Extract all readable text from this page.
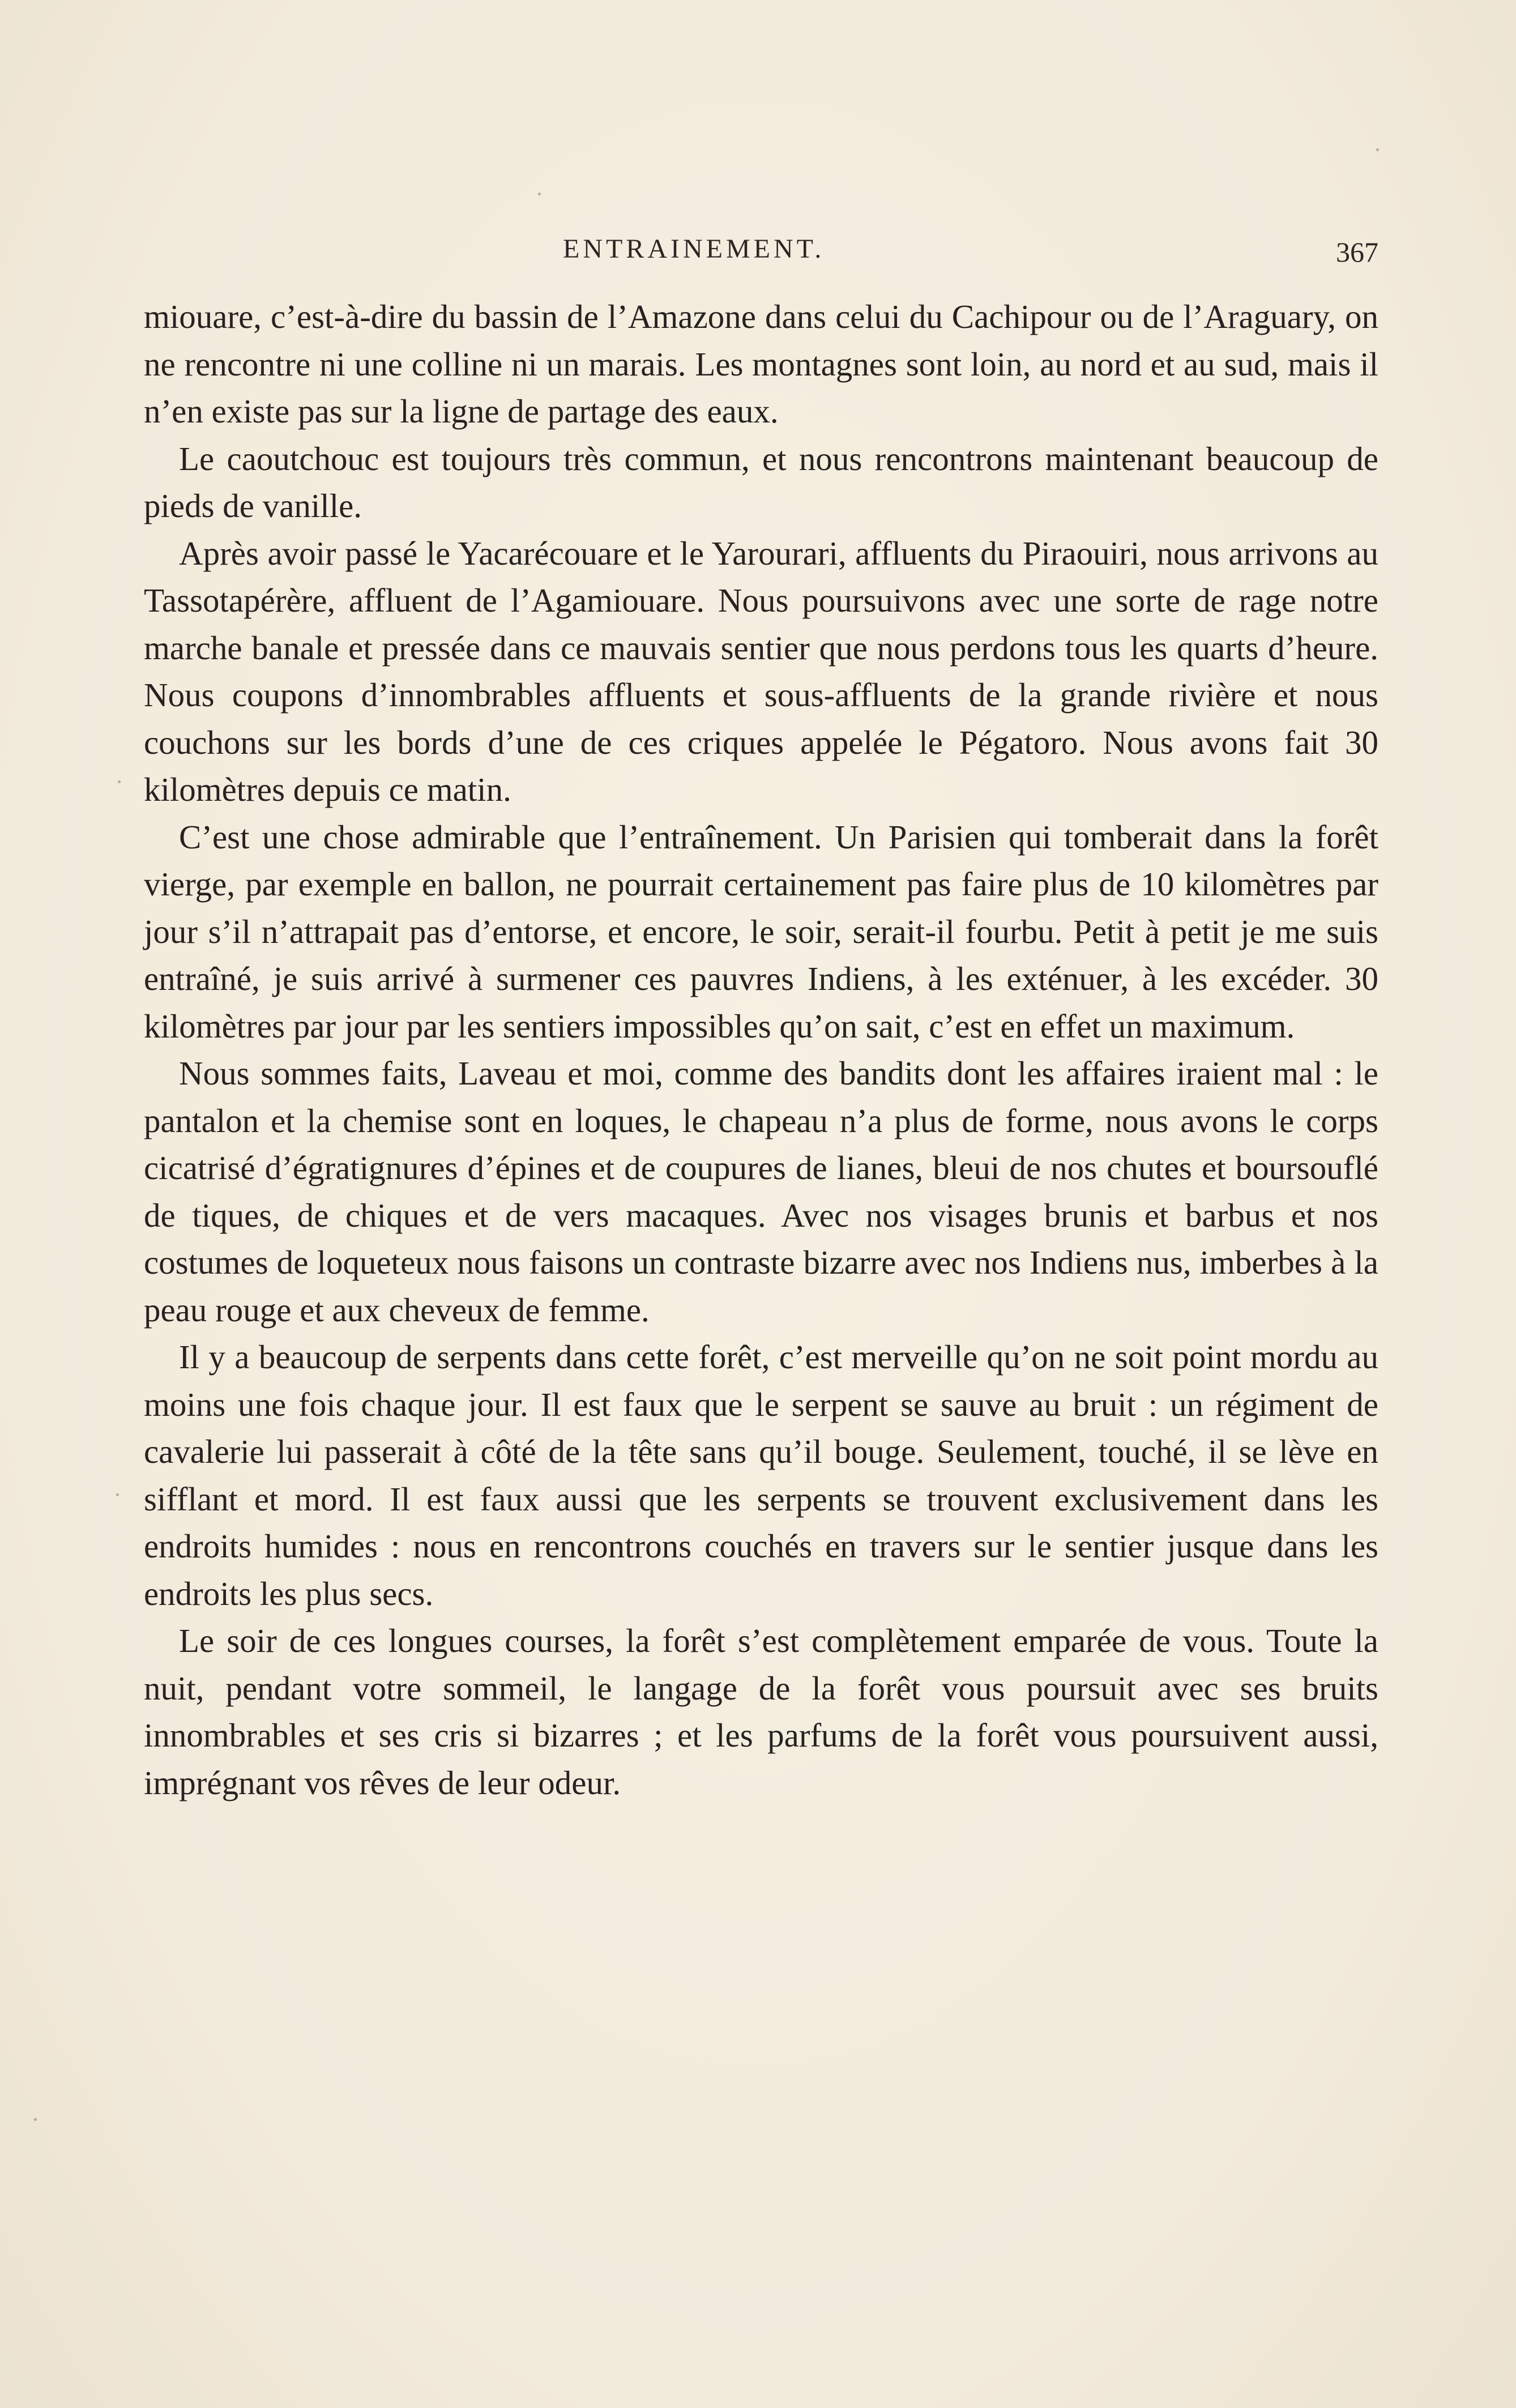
ENTRAINEMENT.	367

miouare, c’est-à-dire du bassin de l’Amazone dans celui du Cachipour ou de l’Araguary, on ne rencontre ni une colline ni un marais. Les montagnes sont loin, au nord et au sud, mais il n’en existe pas sur la ligne de partage des eaux.

Le caoutchouc est toujours très commun, et nous rencontrons maintenant beaucoup de pieds de vanille.

Après avoir passé le Yacarécouare et le Yarourari, affluents du Piraouiri, nous arrivons au Tassotapérère, affluent de l’Agamiouare. Nous poursuivons avec une sorte de rage notre marche banale et pressée dans ce mauvais sentier que nous perdons tous les quarts d’heure. Nous coupons d’innombrables affluents et sous-affluents de la grande rivière et nous couchons sur les bords d’une de ces criques appelée le Pégatoro. Nous avons fait 30 kilomètres depuis ce matin.

C’est une chose admirable que l’entraînement. Un Parisien qui tomberait dans la forêt vierge, par exemple en ballon, ne pourrait certainement pas faire plus de 10 kilomètres par jour s’il n’attrapait pas d’entorse, et encore, le soir, serait-il fourbu. Petit à petit je me suis entraîné, je suis arrivé à surmener ces pauvres Indiens, à les exténuer, à les excéder. 30 kilomètres par jour par les sentiers impossibles qu’on sait, c’est en effet un maximum.

Nous sommes faits, Laveau et moi, comme des bandits dont les affaires iraient mal : le pantalon et la chemise sont en loques, le chapeau n’a plus de forme, nous avons le corps cicatrisé d’égratignures d’épines et de coupures de lianes, bleui de nos chutes et boursouflé de tiques, de chiques et de vers macaques. Avec nos visages brunis et barbus et nos costumes de loqueteux nous faisons un contraste bizarre avec nos Indiens nus, imberbes à la peau rouge et aux cheveux de femme.

Il y a beaucoup de serpents dans cette forêt, c’est merveille qu’on ne soit point mordu au moins une fois chaque jour. Il est faux que le serpent se sauve au bruit : un régiment de cavalerie lui passerait à côté de la tête sans qu’il bouge. Seulement, touché, il se lève en sifflant et mord. Il est faux aussi que les serpents se trouvent exclusivement dans les endroits humides : nous en rencontrons couchés en travers sur le sentier jusque dans les endroits les plus secs.

Le soir de ces longues courses, la forêt s’est complètement emparée de vous. Toute la nuit, pendant votre sommeil, le langage de la forêt vous poursuit avec ses bruits innombrables et ses cris si bizarres ; et les parfums de la forêt vous poursuivent aussi, imprégnant vos rêves de leur odeur.
